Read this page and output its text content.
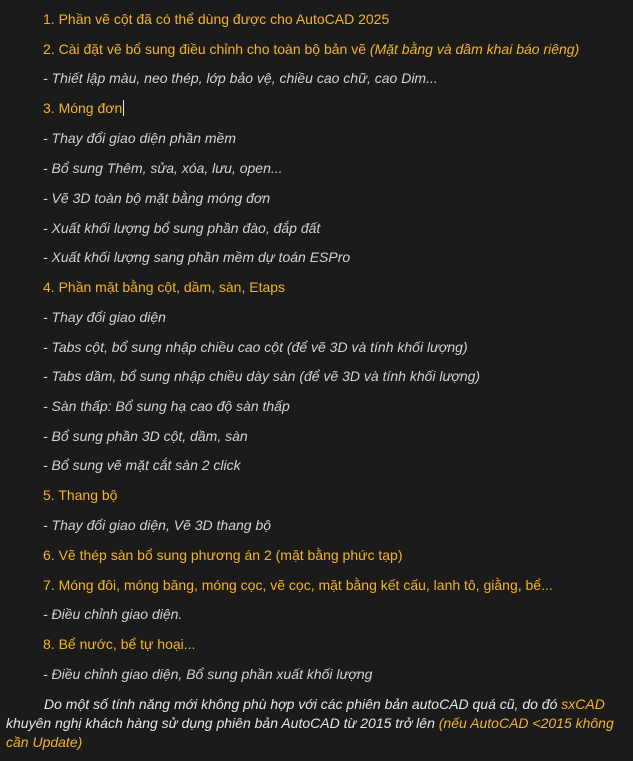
1. Phần vẽ cột đã có thể dùng được cho AutoCAD 2025
2. Cài đặt vẽ bổ sung điều chỉnh cho toàn bộ bản vẽ (Mặt bằng và dầm khai báo riêng)
- Thiết lập màu, neo thép, lớp bảo vệ, chiều cao chữ, cao Dim...
3. Móng đơn
- Thay đổi giao diện phần mềm
- Bổ sung Thêm, sửa, xóa, lưu, open...
- Vẽ 3D toàn bộ mặt bằng móng đơn
- Xuất khối lượng bổ sung phần đào, đắp đất
- Xuất khối lượng sang phần mềm dự toán ESPro
4. Phần mặt bằng cột, dầm, sàn, Etaps
- Thay đổi giao diện
- Tabs cột, bổ sung nhập chiều cao cột (để vẽ 3D và tính khối lượng)
- Tabs dầm, bổ sung nhập chiều dày sàn (để vẽ 3D và tính khối lượng)
- Sàn thấp: Bổ sung hạ cao độ sàn thấp
- Bổ sung phần 3D cột, dầm, sàn
- Bổ sung vẽ mặt cắt sàn 2 click
5. Thang bộ
- Thay đổi giao diện, Vẽ 3D thang bộ
6. Vẽ thép sàn bổ sung phương án 2 (mặt bằng phức tạp)
7. Móng đôi, móng băng, móng cọc, vẽ cọc, mặt bằng kết cấu, lanh tô, giằng, bể...
- Điều chỉnh giao diện.
8. Bể nước, bể tự hoại...
- Điều chỉnh giao diện, Bổ sung phần xuất khối lượng
Do một số tính năng mới không phù hợp với các phiên bản autoCAD quá cũ, do đó sxCAD khuyên nghị khách hàng sử dụng phiên bản AutoCAD từ 2015 trở lên (nếu AutoCAD <2015 không cần Update)
